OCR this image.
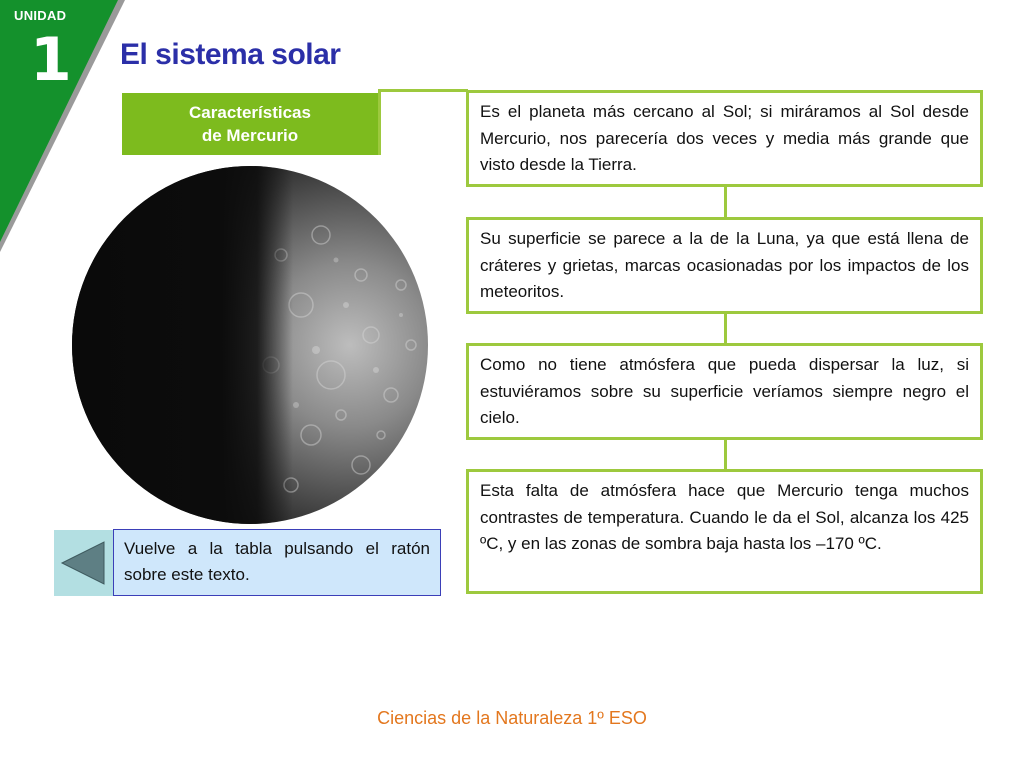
UNIDAD
1 El sistema solar
Características
de Mercurio
Es el planeta más cercano al Sol; si miráramos al Sol desde Mercurio, nos parecería dos veces y media más grande que visto desde la Tierra.
Su superficie se parece a la de la Luna, ya que está llena de cráteres y grietas, marcas ocasionadas por los impactos de los meteoritos.
Como no tiene atmósfera que pueda dispersar la luz, si estuviéramos sobre su superficie veríamos siempre negro el cielo.
Esta falta de atmósfera hace que Mercurio tenga muchos contrastes de temperatura. Cuando le da el Sol, alcanza los 425 ºC, y en las zonas de sombra baja hasta los –170 ºC.
Vuelve a la tabla pulsando el ratón sobre este texto.
Ciencias de la Naturaleza 1º ESO
